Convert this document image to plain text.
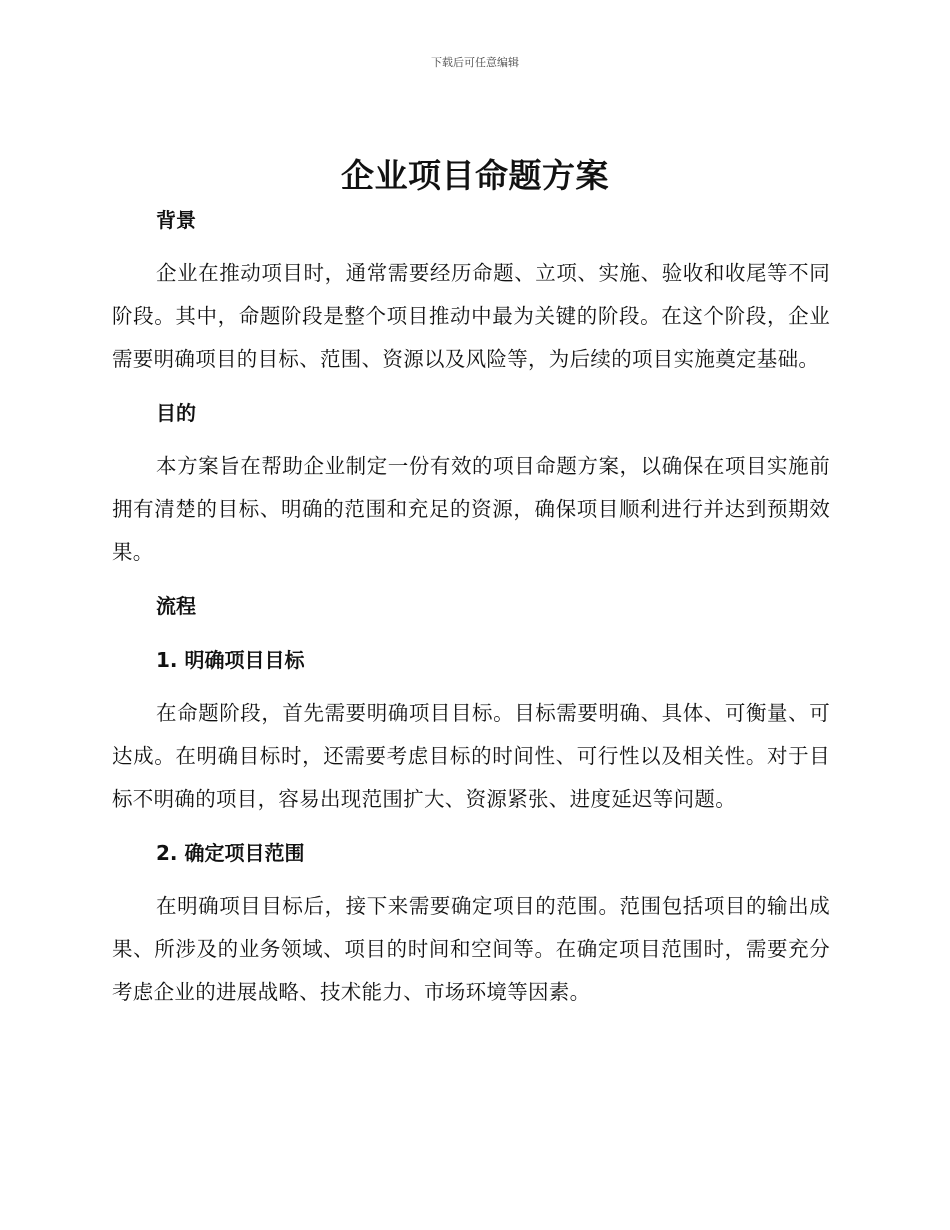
下载后可任意编辑
企业项目命题方案
背景

企业在推动项目时，通常需要经历命题、立项、实施、验收和收尾等不同阶段。其中，命题阶段是整个项目推动中最为关键的阶段。在这个阶段，企业需要明确项目的目标、范围、资源以及风险等，为后续的项目实施奠定基础。

目的

本方案旨在帮助企业制定一份有效的项目命题方案，以确保在项目实施前拥有清楚的目标、明确的范围和充足的资源，确保项目顺利进行并达到预期效果。

流程
1. 明确项目目标

在命题阶段，首先需要明确项目目标。目标需要明确、具体、可衡量、可达成。在明确目标时，还需要考虑目标的时间性、可行性以及相关性。对于目标不明确的项目，容易出现范围扩大、资源紧张、进度延迟等问题。

2. 确定项目范围

在明确项目目标后，接下来需要确定项目的范围。范围包括项目的输出成果、所涉及的业务领域、项目的时间和空间等。在确定项目范围时，需要充分考虑企业的进展战略、技术能力、市场环境等因素。
